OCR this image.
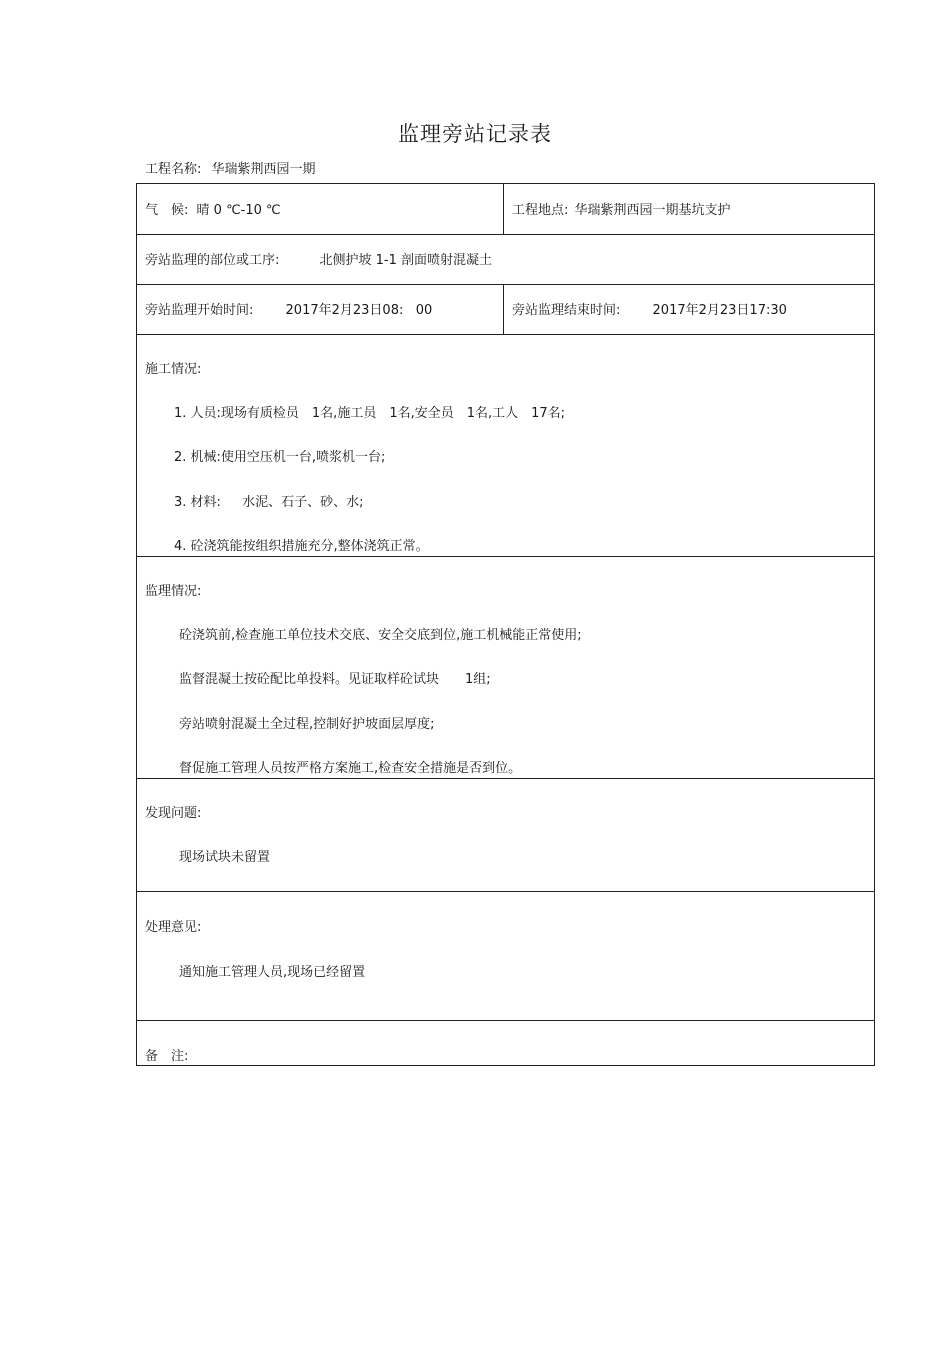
监理旁站记录表
工程名称: 华瑞紫荆西园一期
气　候: 晴 0 ℃-10 ℃	工程地点: 华瑞紫荆西园一期基坑支护
旁站监理的部位或工序:	北侧护坡 1-1 剖面喷射混凝土
旁站监理开始时间: 2017年2月23日08:   00	旁站监理结束时间: 2017年2月23日17:30
施工情况:
1. 人员:现场有质检员　1名,施工员　1名,安全员　1名,工人　17名;
2. 机械:使用空压机一台,喷浆机一台;
3. 材料:　  水泥、石子、砂、水;
4. 砼浇筑能按组织措施充分,整体浇筑正常。
监理情况:
砼浇筑前,检查施工单位技术交底、安全交底到位,施工机械能正常使用;
监督混凝土按砼配比单投料。见证取样砼试块　　1组;
旁站喷射混凝土全过程,控制好护坡面层厚度;
督促施工管理人员按严格方案施工,检查安全措施是否到位。
发现问题:
现场试块未留置
处理意见:
通知施工管理人员,现场已经留置
备　注:
